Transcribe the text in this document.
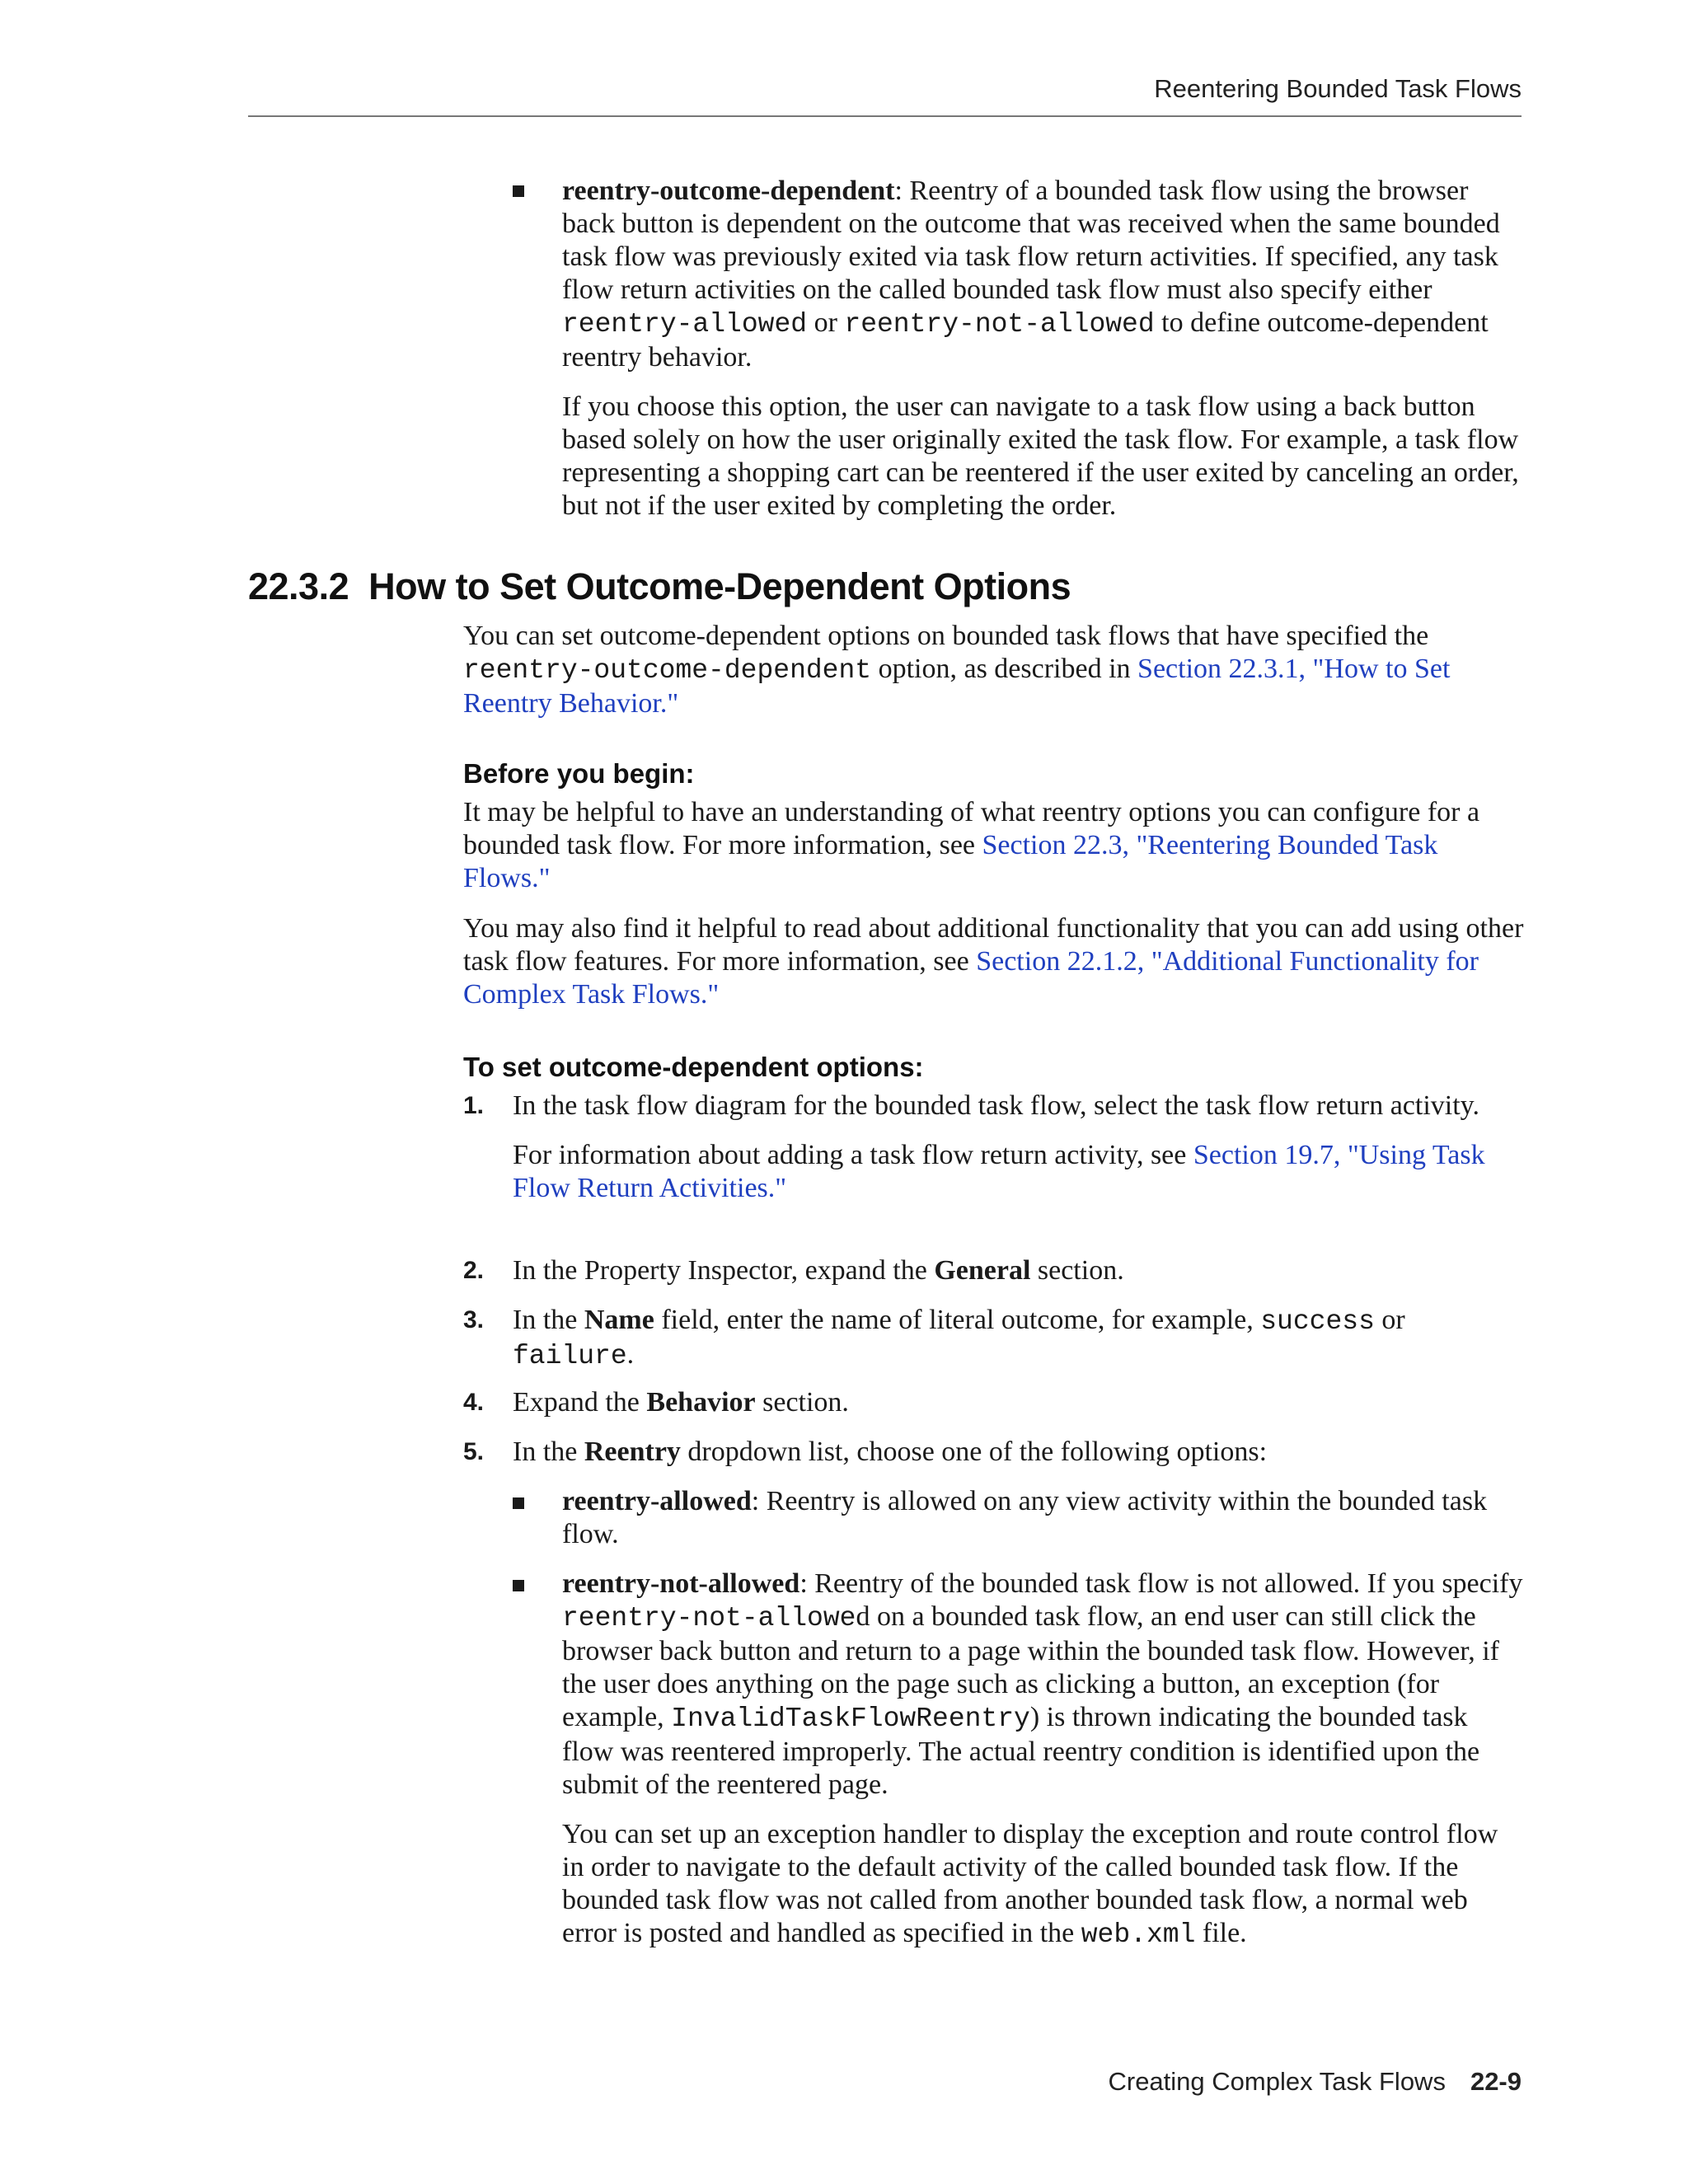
Reentering Bounded Task Flows

reentry-outcome-dependent: Reentry of a bounded task flow using the browser back button is dependent on the outcome that was received when the same bounded task flow was previously exited via task flow return activities. If specified, any task flow return activities on the called bounded task flow must also specify either reentry-allowed or reentry-not-allowed to define outcome-dependent reentry behavior.

If you choose this option, the user can navigate to a task flow using a back button based solely on how the user originally exited the task flow. For example, a task flow representing a shopping cart can be reentered if the user exited by canceling an order, but not if the user exited by completing the order.

22.3.2 How to Set Outcome-Dependent Options

You can set outcome-dependent options on bounded task flows that have specified the reentry-outcome-dependent option, as described in Section 22.3.1, "How to Set Reentry Behavior."

Before you begin:

It may be helpful to have an understanding of what reentry options you can configure for a bounded task flow. For more information, see Section 22.3, "Reentering Bounded Task Flows."

You may also find it helpful to read about additional functionality that you can add using other task flow features. For more information, see Section 22.1.2, "Additional Functionality for Complex Task Flows."

To set outcome-dependent options:
1. In the task flow diagram for the bounded task flow, select the task flow return activity.

For information about adding a task flow return activity, see Section 19.7, "Using Task Flow Return Activities."

2. In the Property Inspector, expand the General section.
3. In the Name field, enter the name of literal outcome, for example, success or failure.
4. Expand the Behavior section.
5. In the Reentry dropdown list, choose one of the following options:

reentry-allowed: Reentry is allowed on any view activity within the bounded task flow.

reentry-not-allowed: Reentry of the bounded task flow is not allowed. If you specify reentry-not-allowed on a bounded task flow, an end user can still click the browser back button and return to a page within the bounded task flow. However, if the user does anything on the page such as clicking a button, an exception (for example, InvalidTaskFlowReentry) is thrown indicating the bounded task flow was reentered improperly. The actual reentry condition is identified upon the submit of the reentered page.

You can set up an exception handler to display the exception and route control flow in order to navigate to the default activity of the called bounded task flow. If the bounded task flow was not called from another bounded task flow, a normal web error is posted and handled as specified in the web.xml file.

Creating Complex Task Flows 22-9
